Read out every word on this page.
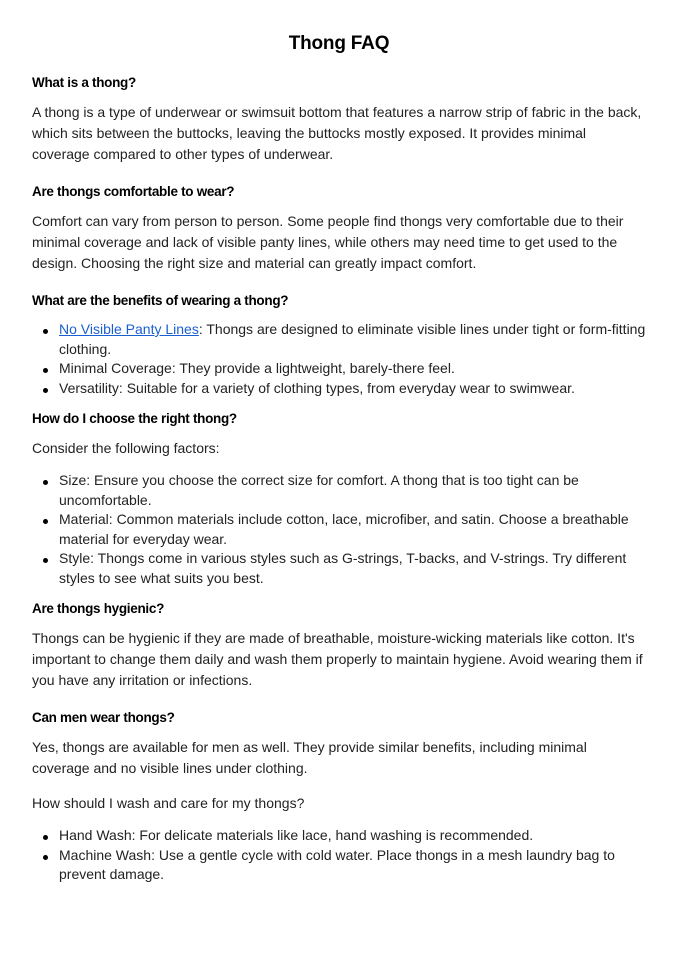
Thong FAQ
What is a thong?

A thong is a type of underwear or swimsuit bottom that features a narrow strip of fabric in the back, which sits between the buttocks, leaving the buttocks mostly exposed. It provides minimal coverage compared to other types of underwear.

Are thongs comfortable to wear?

Comfort can vary from person to person. Some people find thongs very comfortable due to their minimal coverage and lack of visible panty lines, while others may need time to get used to the design. Choosing the right size and material can greatly impact comfort.

What are the benefits of wearing a thong?
No Visible Panty Lines: Thongs are designed to eliminate visible lines under tight or form-fitting clothing.
Minimal Coverage: They provide a lightweight, barely-there feel.
Versatility: Suitable for a variety of clothing types, from everyday wear to swimwear.
How do I choose the right thong?

Consider the following factors:

Size: Ensure you choose the correct size for comfort. A thong that is too tight can be uncomfortable.
Material: Common materials include cotton, lace, microfiber, and satin. Choose a breathable material for everyday wear.
Style: Thongs come in various styles such as G-strings, T-backs, and V-strings. Try different styles to see what suits you best.
Are thongs hygienic?

Thongs can be hygienic if they are made of breathable, moisture-wicking materials like cotton. It's important to change them daily and wash them properly to maintain hygiene. Avoid wearing them if you have any irritation or infections.

Can men wear thongs?

Yes, thongs are available for men as well. They provide similar benefits, including minimal coverage and no visible lines under clothing.

How should I wash and care for my thongs?

Hand Wash: For delicate materials like lace, hand washing is recommended.
Machine Wash: Use a gentle cycle with cold water. Place thongs in a mesh laundry bag to prevent damage.
